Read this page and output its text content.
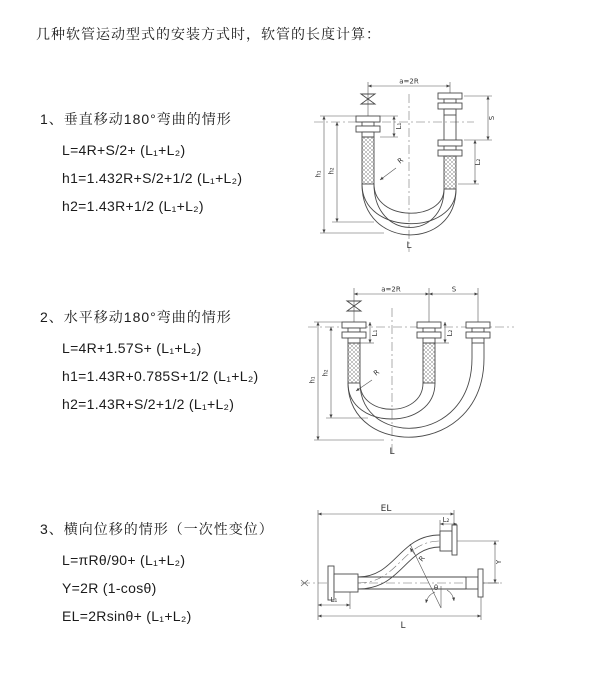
几种软管运动型式的安装方式时，软管的长度计算：
1、垂直移动180°弯曲的情形
L=4R+S/2+ (L₁+L₂)
h1=1.432R+S/2+1/2 (L₁+L₂)
h2=1.43R+1/2 (L₁+L₂)
2、水平移动180°弯曲的情形
L=4R+1.57S+ (L₁+L₂)
h1=1.43R+0.785S+1/2 (L₁+L₂)
h2=1.43R+S/2+1/2 (L₁+L₂)
3、横向位移的情形（一次性变位）
L=πRθ/90+ (L₁+L₂)
Y=2R (1-cosθ)
EL=2Rsinθ+ (L₁+L₂)
a=2R
S
L₂
h₁ h₂
L₁
R
L
a=2R	S
h₁
h₂
L₁	L₂
R
L
EL
L₂
θ
R	Y
L₁
L
